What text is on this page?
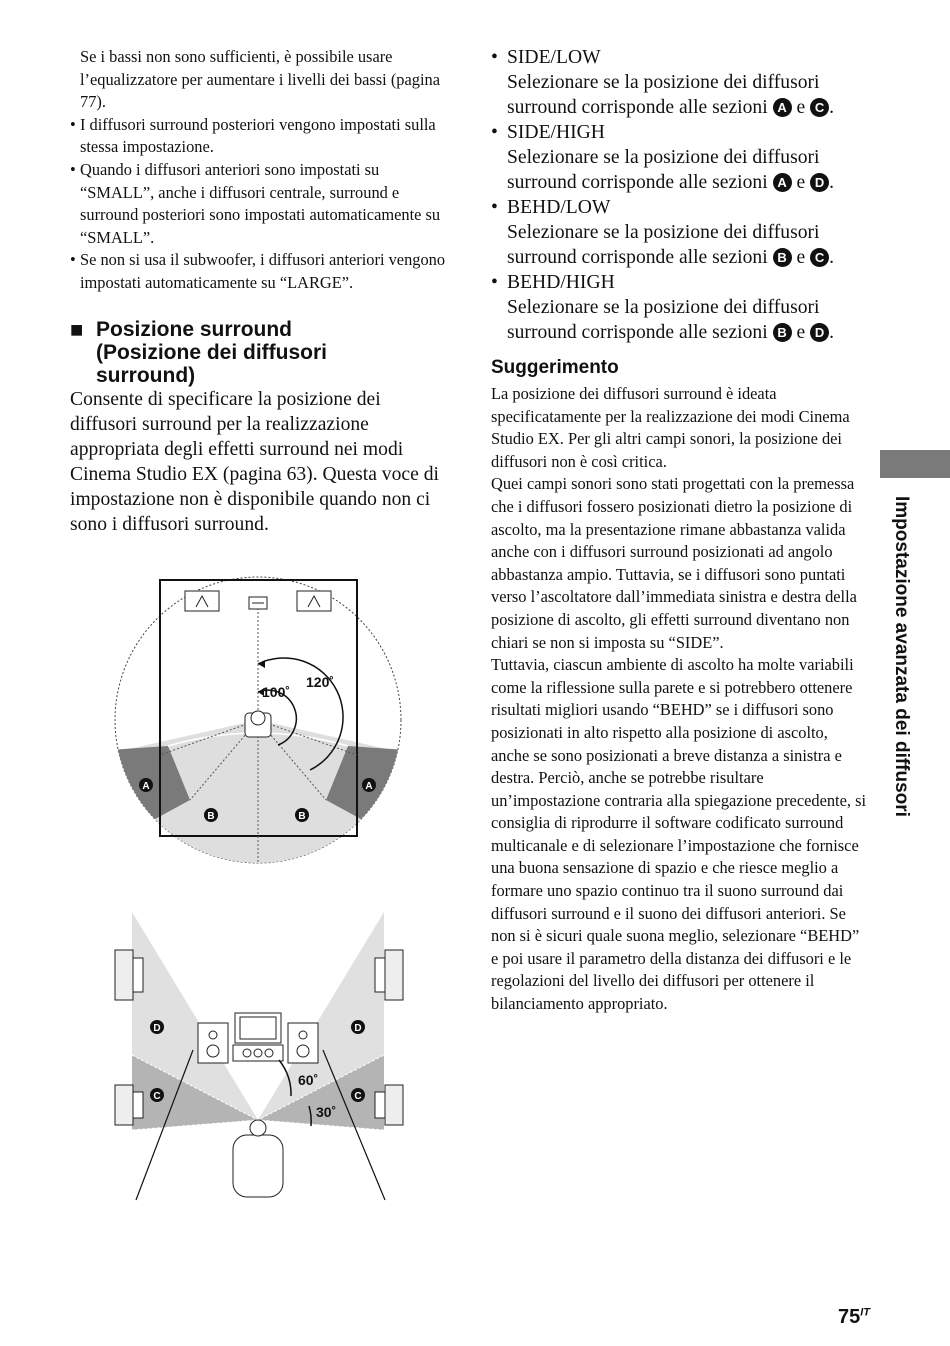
Se i bassi non sono sufficienti, è possibile usare l’equalizzatore per aumentare i livelli dei bassi (pagina 77).
• I diffusori surround posteriori vengono impostati sulla stessa impostazione.
• Quando i diffusori anteriori sono impostati su “SMALL”, anche i diffusori centrale, surround e surround posteriori sono impostati automaticamente su “SMALL”.
• Se non si usa il subwoofer, i diffusori anteriori vengono impostati automaticamente su “LARGE”.
■ Posizione surround (Posizione dei diffusori surround)
Consente di specificare la posizione dei diffusori surround per la realizzazione appropriata degli effetti surround nei modi Cinema Studio EX (pagina 63). Questa voce di impostazione non è disponibile quando non ci sono i diffusori surround.
100˚
120˚
A	A
B	B
60˚
30˚
D	D
C	C
• SIDE/LOW
Selezionare se la posizione dei diffusori surround corrisponde alle sezioni A e C .
• SIDE/HIGH
Selezionare se la posizione dei diffusori surround corrisponde alle sezioni A e D .
• BEHD/LOW
Selezionare se la posizione dei diffusori surround corrisponde alle sezioni B e C .
• BEHD/HIGH
Selezionare se la posizione dei diffusori surround corrisponde alle sezioni B e D .
Suggerimento
La posizione dei diffusori surround è ideata specificatamente per la realizzazione dei modi Cinema Studio EX. Per gli altri campi sonori, la posizione dei diffusori non è così critica.
Quei campi sonori sono stati progettati con la premessa che i diffusori fossero posizionati dietro la posizione di ascolto, ma la presentazione rimane abbastanza valida anche con i diffusori surround posizionati ad angolo abbastanza ampio. Tuttavia, se i diffusori sono puntati verso l’ascoltatore dall’immediata sinistra e destra della posizione di ascolto, gli effetti surround diventano non chiari se non si imposta su “SIDE”.
Tuttavia, ciascun ambiente di ascolto ha molte variabili come la riflessione sulla parete e si potrebbero ottenere risultati migliori usando “BEHD” se i diffusori sono posizionati in alto rispetto alla posizione di ascolto, anche se sono posizionati a breve distanza a sinistra e destra. Perciò, anche se potrebbe risultare un’impostazione contraria alla spiegazione precedente, si consiglia di riprodurre il software codificato surround multicanale e di selezionare l’impostazione che fornisce una buona sensazione di spazio e che riesce meglio a formare uno spazio continuo tra il suono surround dai diffusori surround e il suono dei diffusori anteriori. Se non si è sicuri quale suona meglio, selezionare “BEHD” e poi usare il parametro della distanza dei diffusori e le regolazioni del livello dei diffusori per ottenere il bilanciamento appropriato.
Impostazione avanzata dei diffusori
$75^{IT}$
